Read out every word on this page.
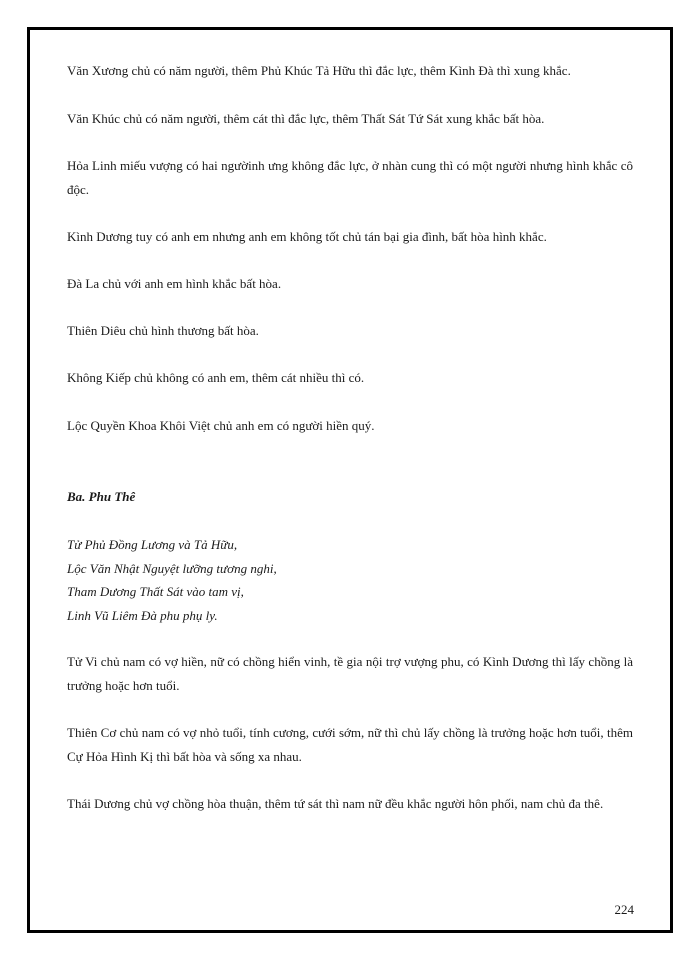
Văn Xương chủ có năm người, thêm Phủ Khúc Tả Hữu thì đắc lực, thêm Kình Đà thì xung khắc.
Văn Khúc chủ có năm người, thêm cát thì đắc lực, thêm Thất Sát Tứ Sát xung khắc bất hòa.
Hỏa Linh miếu vượng có hai ngườinh ưng không đắc lực, ở nhàn cung thì có một người nhưng hình khắc cô độc.
Kình Dương tuy có anh em nhưng anh em không tốt chủ tán bại gia đình, bất hòa hình khắc.
Đà La chủ với anh em hình khắc bất hòa.
Thiên Diêu chủ hình thương bất hòa.
Không Kiếp chủ không có anh em, thêm cát nhiều thì có.
Lộc Quyền Khoa Khôi Việt chủ anh em có người hiền quý.
Ba. Phu Thê
Tử Phủ Đồng Lương và Tả Hữu,
Lộc Văn Nhật Nguyệt lưỡng tương nghi,
Tham Dương Thất Sát vào tam vị,
Linh Vũ Liêm Đà phu phụ ly.
Tử Vi chủ nam có vợ hiền, nữ có chồng hiển vinh, tề gia nội trợ vượng phu, có Kình Dương thì lấy chồng là trưởng hoặc hơn tuổi.
Thiên Cơ chủ nam có vợ nhỏ tuổi, tính cương, cưới sớm, nữ thì chủ lấy chồng là trưởng hoặc hơn tuổi, thêm Cự Hỏa Hình Kị thì bất hòa và sống xa nhau.
Thái Dương chủ vợ chồng hòa thuận, thêm tứ sát thì nam nữ đều khắc người hôn phối, nam chủ đa thê.
224
